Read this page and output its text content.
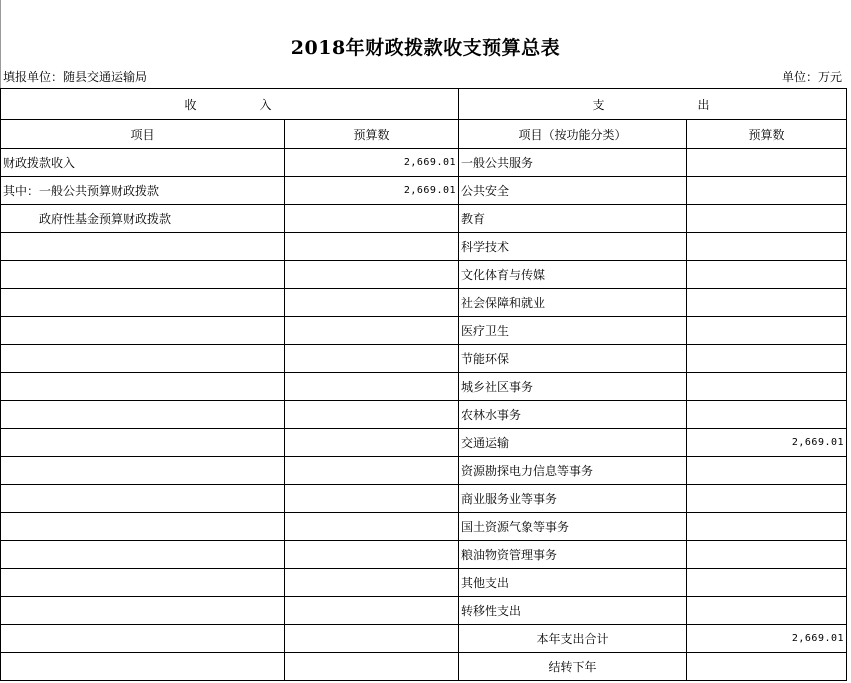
2018年财政拨款收支预算总表
填报单位：随县交通运输局	单位：万元
收　　　　入		支　　　　　　出	
项目	预算数	项目（按功能分类）	预算数
财政拨款收入	2,669.01	一般公共服务	
其中：一般公共预算财政拨款	2,669.01	公共安全	
政府性基金预算财政拨款		教育	
		科学技术	
		文化体育与传媒	
		社会保障和就业	
		医疗卫生	
		节能环保	
		城乡社区事务	
		农林水事务	
		交通运输	2,669.01
		资源勘探电力信息等事务	
		商业服务业等事务	
		国土资源气象等事务	
		粮油物资管理事务	
		其他支出	
		转移性支出	
		本年支出合计	2,669.01
		结转下年	
